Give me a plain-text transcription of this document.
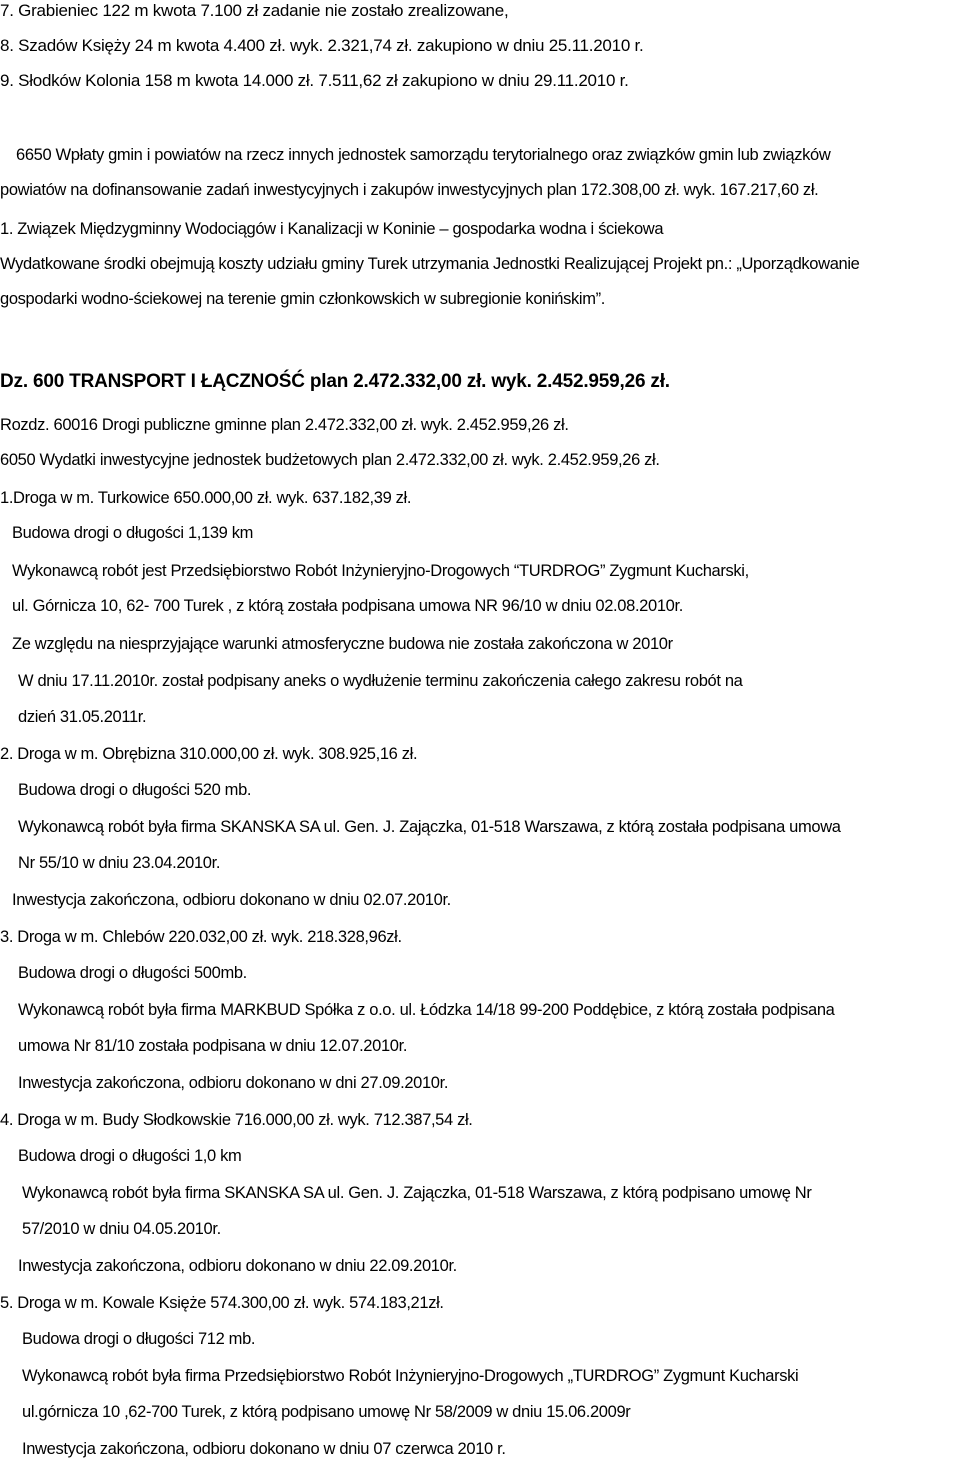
7. Grabieniec 122 m kwota 7.100 zł zadanie nie zostało zrealizowane,
8. Szadów Księży 24 m kwota 4.400 zł. wyk. 2.321,74 zł. zakupiono w dniu 25.11.2010 r.
9. Słodków Kolonia 158 m kwota 14.000 zł. 7.511,62 zł zakupiono w dniu 29.11.2010 r.
6650 Wpłaty gmin i powiatów na rzecz innych jednostek samorządu terytorialnego oraz związków gmin lub związków
powiatów na dofinansowanie zadań inwestycyjnych i zakupów inwestycyjnych plan 172.308,00 zł. wyk. 167.217,60 zł.
1. Związek Międzygminny Wodociągów i Kanalizacji w Koninie – gospodarka wodna i ściekowa
Wydatkowane środki obejmują koszty udziału gminy Turek utrzymania Jednostki Realizującej Projekt pn.: „Uporządkowanie
gospodarki wodno-ściekowej na terenie gmin członkowskich w subregionie konińskim”.
Dz. 600 TRANSPORT I ŁĄCZNOŚĆ plan 2.472.332,00 zł. wyk. 2.452.959,26 zł.
Rozdz. 60016 Drogi publiczne gminne plan 2.472.332,00 zł. wyk. 2.452.959,26 zł.
6050 Wydatki inwestycyjne jednostek budżetowych plan 2.472.332,00 zł. wyk. 2.452.959,26 zł.
1.Droga w m. Turkowice 650.000,00 zł. wyk. 637.182,39 zł.
Budowa drogi o długości 1,139 km
Wykonawcą robót jest Przedsiębiorstwo Robót Inżynieryjno-Drogowych “TURDROG” Zygmunt Kucharski,
ul. Górnicza 10, 62- 700 Turek , z którą została podpisana umowa NR 96/10 w dniu 02.08.2010r.
Ze względu na niesprzyjające warunki atmosferyczne budowa nie została zakończona w 2010r
W dniu 17.11.2010r. został podpisany aneks o wydłużenie terminu zakończenia całego zakresu robót na
dzień 31.05.2011r.
2. Droga w m. Obrębizna 310.000,00 zł. wyk. 308.925,16 zł.
Budowa drogi o długości 520 mb.
Wykonawcą robót była firma SKANSKA SA ul. Gen. J. Zajączka, 01-518 Warszawa, z którą została podpisana umowa
Nr 55/10 w dniu 23.04.2010r.
Inwestycja zakończona, odbioru dokonano w dniu 02.07.2010r.
3. Droga w m. Chlebów 220.032,00 zł. wyk. 218.328,96zł.
Budowa drogi o długości 500mb.
Wykonawcą robót była firma MARKBUD Spółka z o.o. ul. Łódzka 14/18 99-200 Poddębice, z którą została podpisana
umowa Nr 81/10 została podpisana w dniu 12.07.2010r.
Inwestycja zakończona, odbioru dokonano w dni 27.09.2010r.
4. Droga w m. Budy Słodkowskie 716.000,00 zł. wyk. 712.387,54 zł.
Budowa drogi o długości 1,0 km
Wykonawcą robót była firma SKANSKA SA ul. Gen. J. Zajączka, 01-518 Warszawa, z którą podpisano umowę Nr
57/2010 w dniu 04.05.2010r.
Inwestycja zakończona, odbioru dokonano w dniu 22.09.2010r.
5. Droga w m. Kowale Księże 574.300,00 zł. wyk. 574.183,21zł.
Budowa drogi o długości 712 mb.
Wykonawcą robót była firma Przedsiębiorstwo Robót Inżynieryjno-Drogowych „TURDROG” Zygmunt Kucharski
ul.górnicza 10 ,62-700 Turek, z którą podpisano umowę Nr 58/2009 w dniu 15.06.2009r
Inwestycja zakończona, odbioru dokonano w dniu 07 czerwca 2010 r.
